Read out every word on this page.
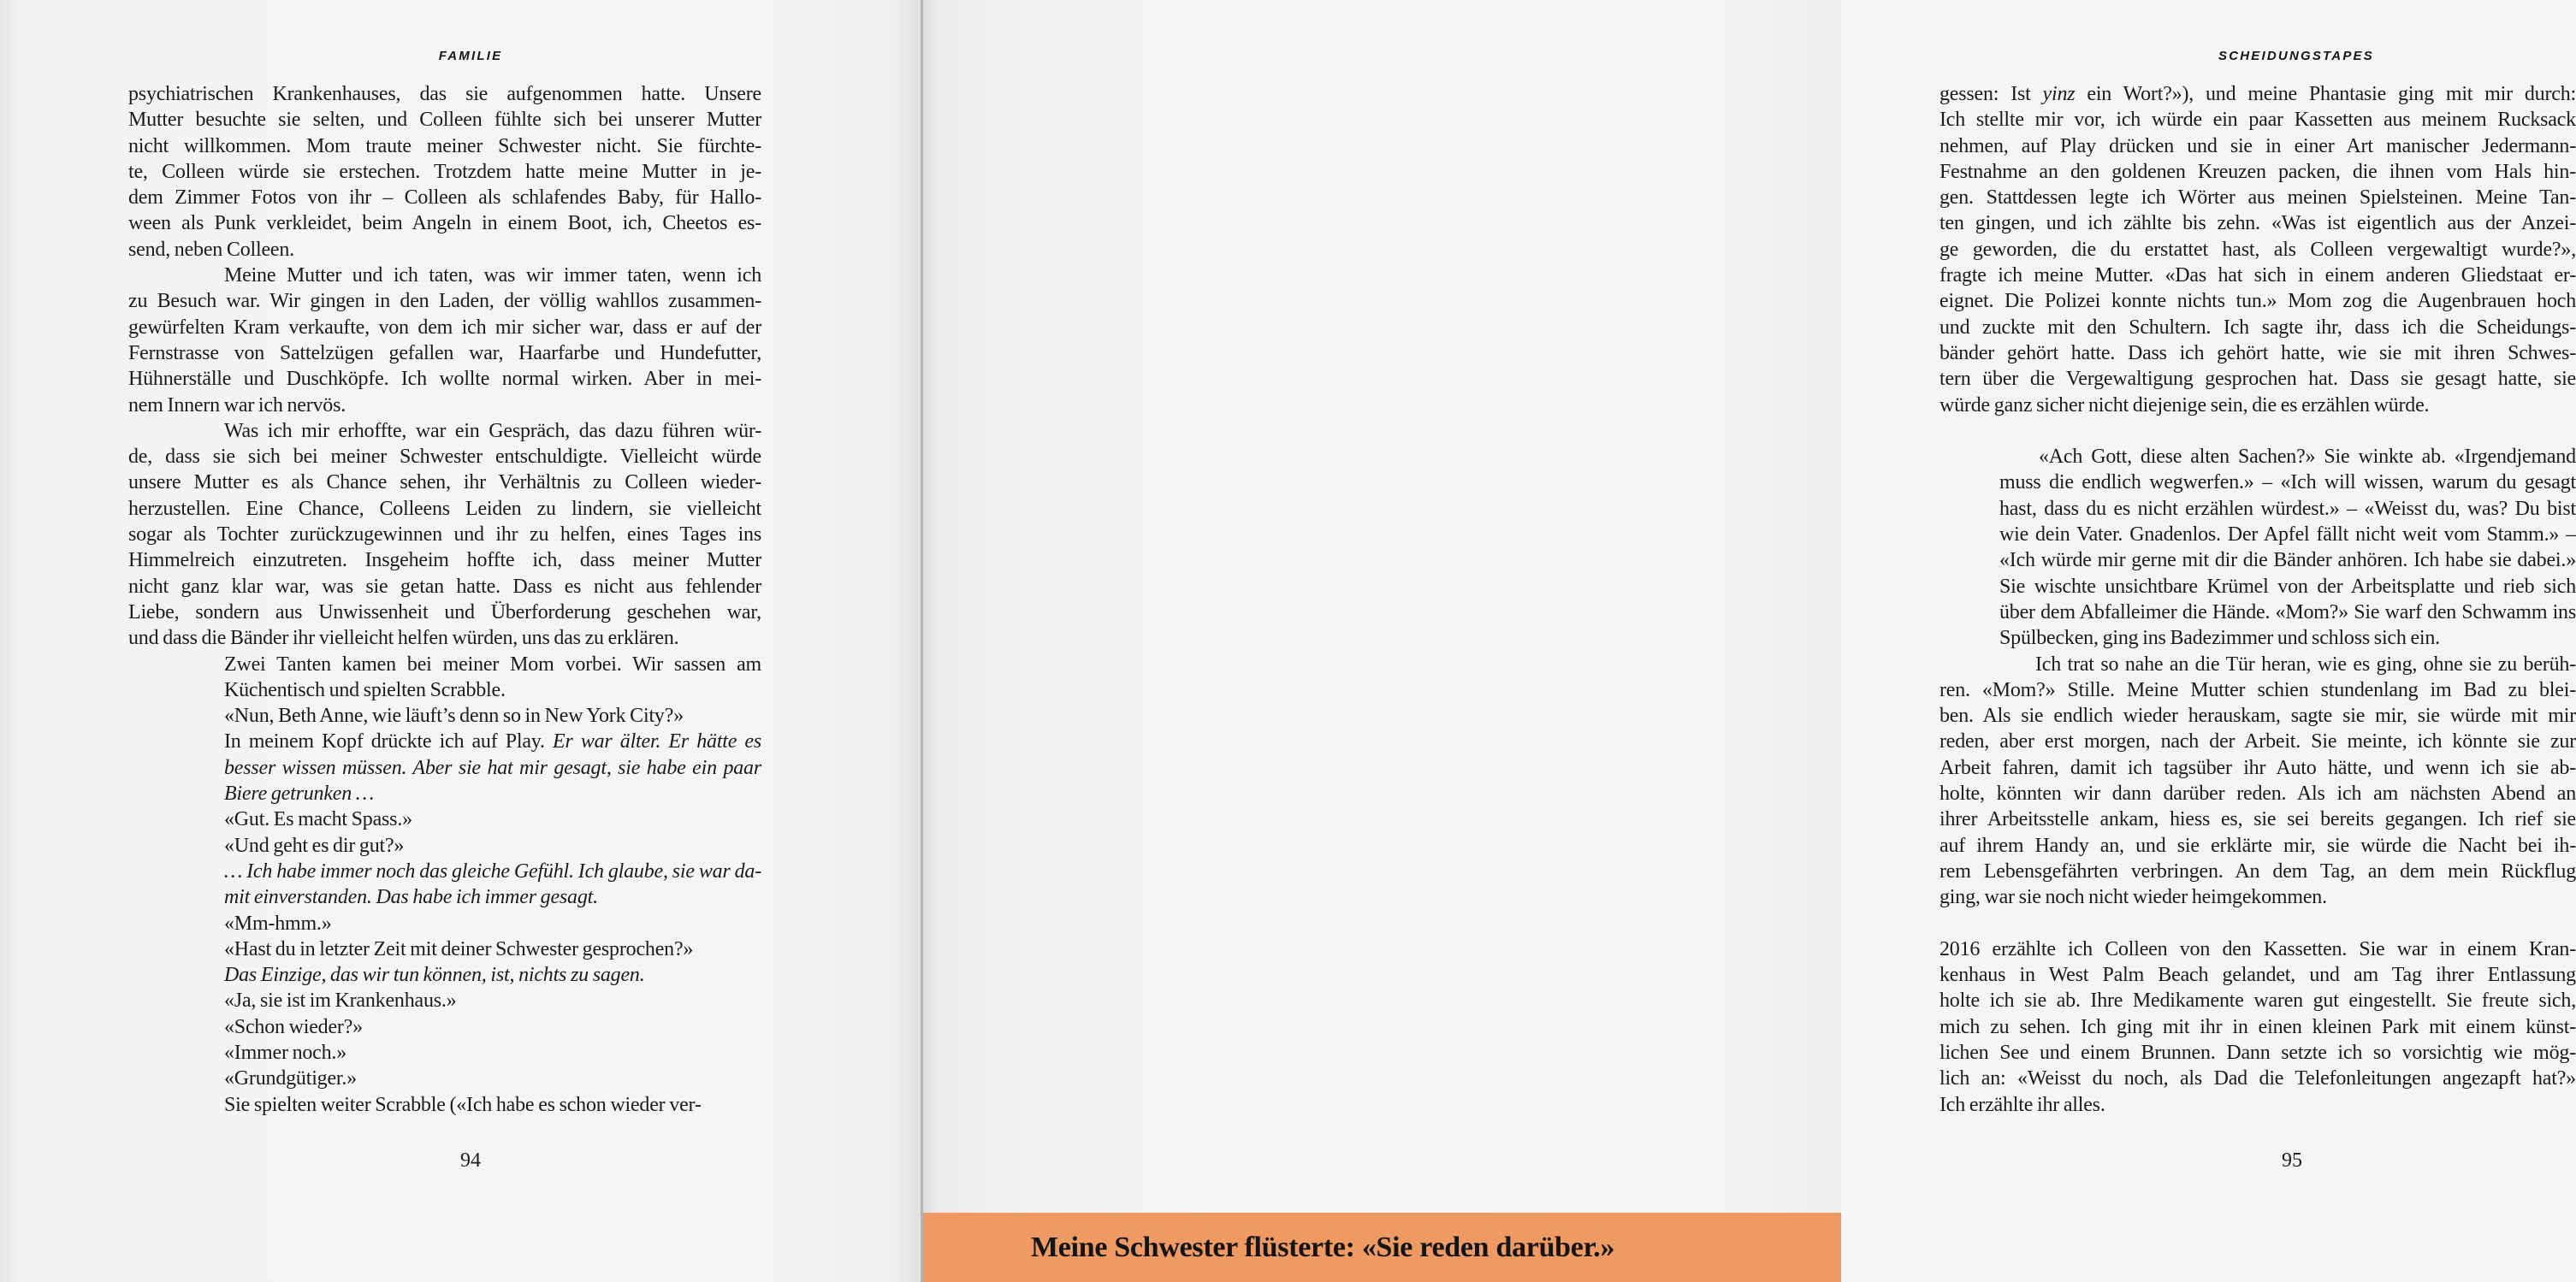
FAMILIE
psychiatrischen Krankenhauses, das sie aufgenommen hatte. Unsere
Mutter besuchte sie selten, und Colleen fühlte sich bei unserer Mutter
nicht willkommen. Mom traute meiner Schwester nicht. Sie fürchte-
te, Colleen würde sie erstechen. Trotzdem hatte meine Mutter in je-
dem Zimmer Fotos von ihr – Colleen als schlafendes Baby, für Hallo-
ween als Punk verkleidet, beim Angeln in einem Boot, ich, Cheetos es-
send, neben Colleen.
Meine Mutter und ich taten, was wir immer taten, wenn ich
zu Besuch war. Wir gingen in den Laden, der völlig wahllos zusammen-
gewürfelten Kram verkaufte, von dem ich mir sicher war, dass er auf der
Fernstrasse von Sattelzügen gefallen war, Haarfarbe und Hundefutter,
Hühnerställe und Duschköpfe. Ich wollte normal wirken. Aber in mei-
nem Innern war ich nervös.
Was ich mir erhoffte, war ein Gespräch, das dazu führen wür-
de, dass sie sich bei meiner Schwester entschuldigte. Vielleicht würde
unsere Mutter es als Chance sehen, ihr Verhältnis zu Colleen wieder-
herzustellen. Eine Chance, Colleens Leiden zu lindern, sie vielleicht
sogar als Tochter zurückzugewinnen und ihr zu helfen, eines Tages ins
Himmelreich einzutreten. Insgeheim hoffte ich, dass meiner Mutter
nicht ganz klar war, was sie getan hatte. Dass es nicht aus fehlender
Liebe, sondern aus Unwissenheit und Überforderung geschehen war,
und dass die Bänder ihr vielleicht helfen würden, uns das zu erklären.
Zwei Tanten kamen bei meiner Mom vorbei. Wir sassen am
Küchentisch und spielten Scrabble.
«Nun, Beth Anne, wie läuft’s denn so in New York City?»
In meinem Kopf drückte ich auf Play. Er war älter. Er hätte es
besser wissen müssen. Aber sie hat mir gesagt, sie habe ein paar
Biere getrunken …
«Gut. Es macht Spass.»
«Und geht es dir gut?»
… Ich habe immer noch das gleiche Gefühl. Ich glaube, sie war da-
mit einverstanden. Das habe ich immer gesagt.
«Mm-hmm.»
«Hast du in letzter Zeit mit deiner Schwester gesprochen?»
Das Einzige, das wir tun können, ist, nichts zu sagen.
«Ja, sie ist im Krankenhaus.»
«Schon wieder?»
«Immer noch.»
«Grundgütiger.»
Sie spielten weiter Scrabble («Ich habe es schon wieder ver-
94
SCHEIDUNGSTAPES
gessen: Ist yinz ein Wort?»), und meine Phantasie ging mit mir durch:
Ich stellte mir vor, ich würde ein paar Kassetten aus meinem Rucksack
nehmen, auf Play drücken und sie in einer Art manischer Jedermann-
Festnahme an den goldenen Kreuzen packen, die ihnen vom Hals hin-
gen. Stattdessen legte ich Wörter aus meinen Spielsteinen. Meine Tan-
ten gingen, und ich zählte bis zehn. «Was ist eigentlich aus der Anzei-
ge geworden, die du erstattet hast, als Colleen vergewaltigt wurde?»,
fragte ich meine Mutter. «Das hat sich in einem anderen Gliedstaat er-
eignet. Die Polizei konnte nichts tun.» Mom zog die Augenbrauen hoch
und zuckte mit den Schultern. Ich sagte ihr, dass ich die Scheidungs-
bänder gehört hatte. Dass ich gehört hatte, wie sie mit ihren Schwes-
tern über die Vergewaltigung gesprochen hat. Dass sie gesagt hatte, sie
würde ganz sicher nicht diejenige sein, die es erzählen würde.
«Ach Gott, diese alten Sachen?» Sie winkte ab. «Irgendjemand
muss die endlich wegwerfen.» – «Ich will wissen, warum du gesagt
hast, dass du es nicht erzählen würdest.» – «Weisst du, was? Du bist
wie dein Vater. Gnadenlos. Der Apfel fällt nicht weit vom Stamm.» –
«Ich würde mir gerne mit dir die Bänder anhören. Ich habe sie dabei.»
Sie wischte unsichtbare Krümel von der Arbeitsplatte und rieb sich
über dem Abfalleimer die Hände. «Mom?» Sie warf den Schwamm ins
Spülbecken, ging ins Badezimmer und schloss sich ein.
Ich trat so nahe an die Tür heran, wie es ging, ohne sie zu berüh-
ren. «Mom?» Stille. Meine Mutter schien stundenlang im Bad zu blei-
ben. Als sie endlich wieder herauskam, sagte sie mir, sie würde mit mir
reden, aber erst morgen, nach der Arbeit. Sie meinte, ich könnte sie zur
Arbeit fahren, damit ich tagsüber ihr Auto hätte, und wenn ich sie ab-
holte, könnten wir dann darüber reden. Als ich am nächsten Abend an
ihrer Arbeitsstelle ankam, hiess es, sie sei bereits gegangen. Ich rief sie
auf ihrem Handy an, und sie erklärte mir, sie würde die Nacht bei ih-
rem Lebensgefährten verbringen. An dem Tag, an dem mein Rückflug
ging, war sie noch nicht wieder heimgekommen.
2016 erzählte ich Colleen von den Kassetten. Sie war in einem Kran-
kenhaus in West Palm Beach gelandet, und am Tag ihrer Entlassung
holte ich sie ab. Ihre Medikamente waren gut eingestellt. Sie freute sich,
mich zu sehen. Ich ging mit ihr in einen kleinen Park mit einem künst-
lichen See und einem Brunnen. Dann setzte ich so vorsichtig wie mög-
lich an: «Weisst du noch, als Dad die Telefonleitungen angezapft hat?»
Ich erzählte ihr alles.
95
Meine Schwester flüsterte: «Sie reden darüber.»
